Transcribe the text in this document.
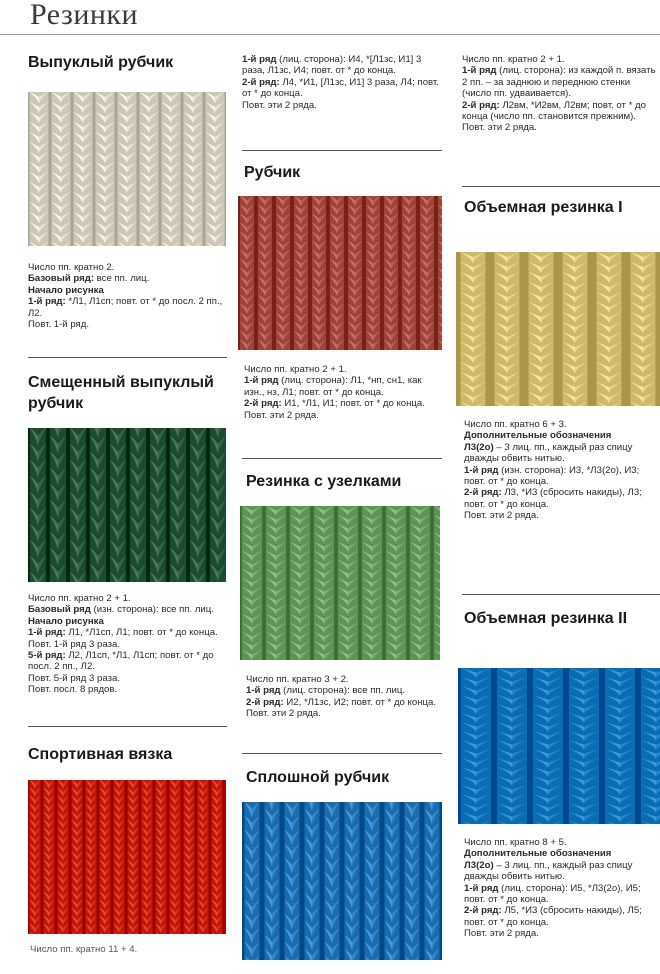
Резинки
Выпуклый рубчик

Число пп. кратно 2.

Базовый ряд: все пп. лиц.

Начало рисунка

1-й ряд: *Л1, Л1сп; повт. от * до посл. 2 пп., Л2.

Повт. 1-й ряд.

Смещенный выпуклый рубчик

Число пп. кратно 2 + 1.

Базовый ряд (изн. сторона): все пп. лиц.

Начало рисунка

1-й ряд: Л1, *Л1сп, Л1; повт. от * до конца.

Повт. 1-й ряд 3 раза.

5-й ряд: Л2, Л1сп, *Л1, Л1сп; повт. от * до посл. 2 пп., Л2.

Повт. 5-й ряд 3 раза.

Повт. посл. 8 рядов.

Спортивная вязка

Число пп. кратно 11 + 4.

1-й ряд (лиц. сторона): И4, *[Л1зс, И1] 3 раза, Л1зс, И4; повт. от * до конца.

2-й ряд: Л4, *И1, [Л1зс, И1] 3 раза, Л4; повт. от * до конца.

Повт. эти 2 ряда.

Рубчик

Число пп. кратно 2 + 1.

1-й ряд (лиц. сторона): Л1, *нп, сн1, как изн., нз, Л1; повт. от * до конца.

2-й ряд: И1, *Л1, И1; повт. от * до конца.

Повт. эти 2 ряда.

Резинка с узелками

Число пп. кратно 3 + 2.

1-й ряд (лиц. сторона): все пп. лиц.

2-й ряд: И2, *Л1зс, И2; повт. от * до конца.

Повт. эти 2 ряда.

Сплошной рубчик

Число пп. кратно 2 + 1.

1-й ряд (лиц. сторона): из каждой п. вязать 2 пп. – за заднюю и переднюю стенки (число пп. удваивается).

2-й ряд: Л2вм, *И2вм, Л2вм; повт. от * до конца (число пп. становится прежним).

Повт. эти 2 ряда.

Объемная резинка I

Число пп. кратно 6 + 3.

Дополнительные обозначения

Л3(2о) – 3 лиц. пп., каждый раз спицу дважды обвить нитью.

1-й ряд (изн. сторона): И3, *Л3(2о), И3; повт. от * до конца.

2-й ряд: Л3, *И3 (сбросить накиды), Л3; повт. от * до конца.

Повт. эти 2 ряда.

Объемная резинка II

Число пп. кратно 8 + 5.

Дополнительные обозначения

Л3(2о) – 3 лиц. пп., каждый раз спицу дважды обвить нитью.

1-й ряд (лиц. сторона): И5, *Л3(2о), И5; повт. от * до конца.

2-й ряд: Л5, *И3 (сбросить накиды), Л5; повт. от * до конца.

Повт. эти 2 ряда.
